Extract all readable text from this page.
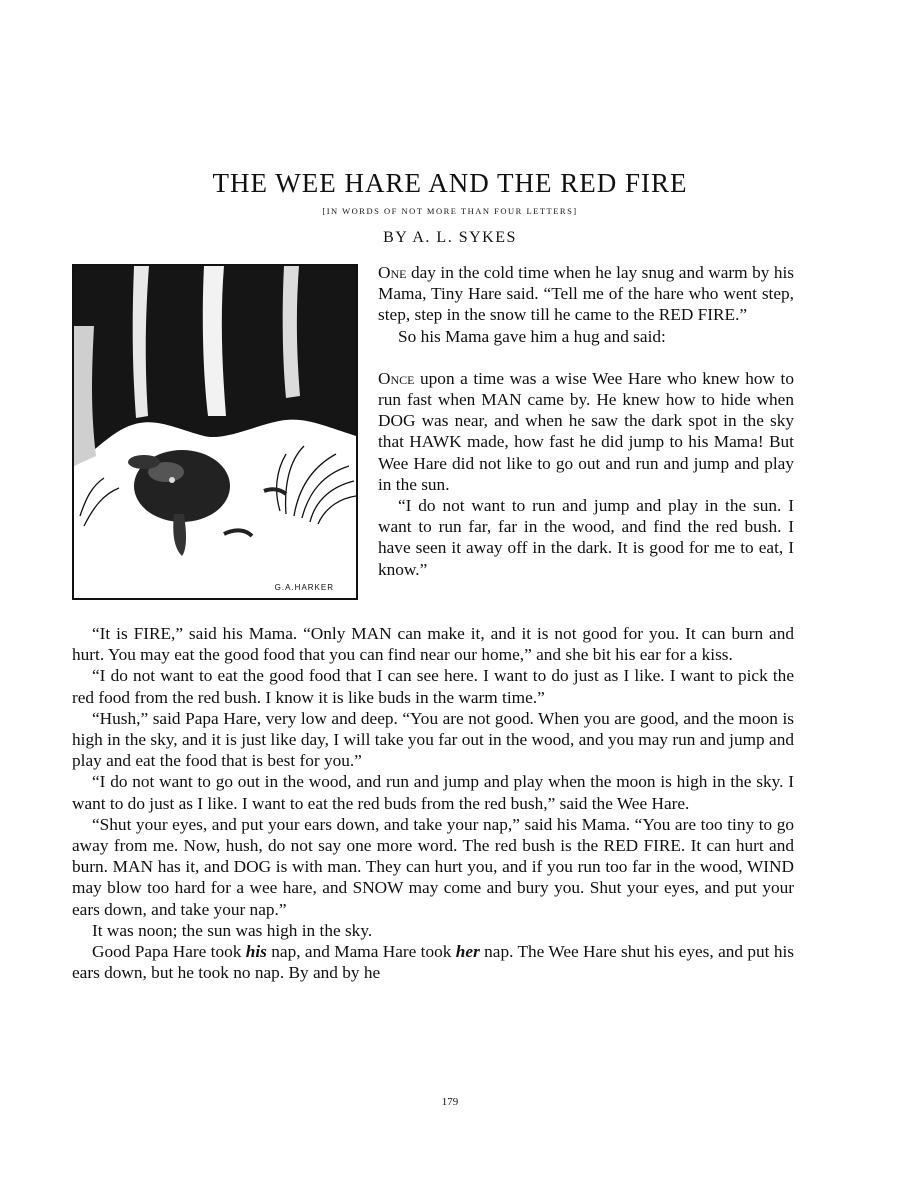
THE WEE HARE AND THE RED FIRE
[IN WORDS OF NOT MORE THAN FOUR LETTERS]
BY A. L. SYKES
G.A.HARKER

One day in the cold time when he lay snug and warm by his Mama, Tiny Hare said. “Tell me of the hare who went step, step, step in the snow till he came to the RED FIRE.”

So his Mama gave him a hug and said:

Once upon a time was a wise Wee Hare who knew how to run fast when MAN came by. He knew how to hide when DOG was near, and when he saw the dark spot in the sky that HAWK made, how fast he did jump to his Mama! But Wee Hare did not like to go out and run and jump and play in the sun.

“I do not want to run and jump and play in the sun. I want to run far, far in the wood, and find the red bush. I have seen it away off in the dark. It is good for me to eat, I know.”

“It is FIRE,” said his Mama. “Only MAN can make it, and it is not good for you. It can burn and hurt. You may eat the good food that you can find near our home,” and she bit his ear for a kiss.

“I do not want to eat the good food that I can see here. I want to do just as I like. I want to pick the red food from the red bush. I know it is like buds in the warm time.”

“Hush,” said Papa Hare, very low and deep. “You are not good. When you are good, and the moon is high in the sky, and it is just like day, I will take you far out in the wood, and you may run and jump and play and eat the food that is best for you.”

“I do not want to go out in the wood, and run and jump and play when the moon is high in the sky. I want to do just as I like. I want to eat the red buds from the red bush,” said the Wee Hare.

“Shut your eyes, and put your ears down, and take your nap,” said his Mama. “You are too tiny to go away from me. Now, hush, do not say one more word. The red bush is the RED FIRE. It can hurt and burn. MAN has it, and DOG is with man. They can hurt you, and if you run too far in the wood, WIND may blow too hard for a wee hare, and SNOW may come and bury you. Shut your eyes, and put your ears down, and take your nap.”

It was noon; the sun was high in the sky.

Good Papa Hare took his nap, and Mama Hare took her nap. The Wee Hare shut his eyes, and put his ears down, but he took no nap. By and by he

179
